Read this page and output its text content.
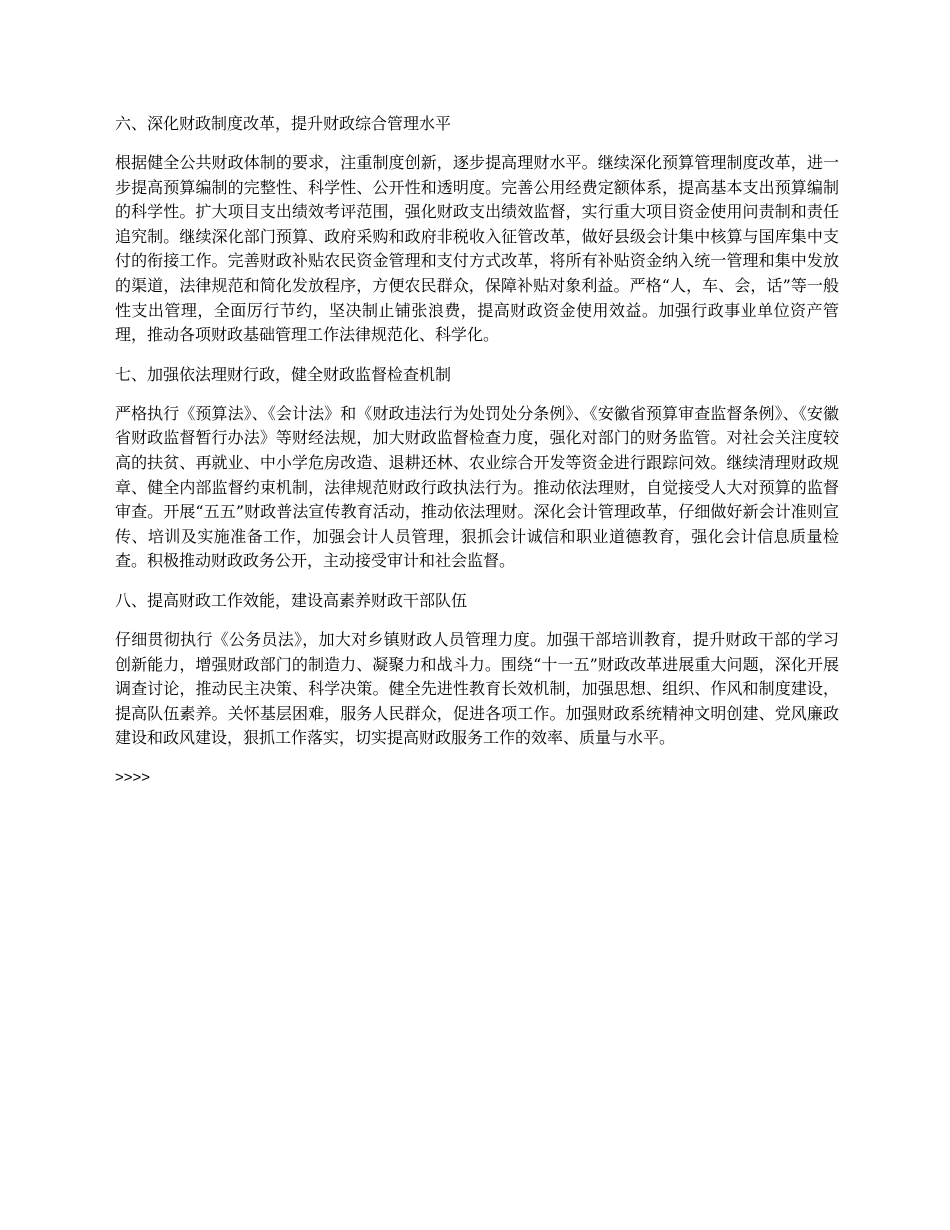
六、深化财政制度改革，提升财政综合管理水平

根据健全公共财政体制的要求，注重制度创新，逐步提高理财水平。继续深化预算管理制度改革，进一步提高预算编制的完整性、科学性、公开性和透明度。完善公用经费定额体系，提高基本支出预算编制的科学性。扩大项目支出绩效考评范围，强化财政支出绩效监督，实行重大项目资金使用问责制和责任追究制。继续深化部门预算、政府采购和政府非税收入征管改革，做好县级会计集中核算与国库集中支付的衔接工作。完善财政补贴农民资金管理和支付方式改革，将所有补贴资金纳入统一管理和集中发放的渠道，法律规范和简化发放程序，方便农民群众，保障补贴对象利益。严格“人，车、会，话”等一般性支出管理，全面厉行节约，坚决制止铺张浪费，提高财政资金使用效益。加强行政事业单位资产管理，推动各项财政基础管理工作法律规范化、科学化。

七、加强依法理财行政，健全财政监督检查机制

严格执行《预算法》、《会计法》和《财政违法行为处罚处分条例》、《安徽省预算审查监督条例》、《安徽省财政监督暂行办法》等财经法规，加大财政监督检查力度，强化对部门的财务监管。对社会关注度较高的扶贫、再就业、中小学危房改造、退耕还林、农业综合开发等资金进行跟踪问效。继续清理财政规章、健全内部监督约束机制，法律规范财政行政执法行为。推动依法理财，自觉接受人大对预算的监督审查。开展“五五”财政普法宣传教育活动，推动依法理财。深化会计管理政革，仔细做好新会计准则宣传、培训及实施准备工作，加强会计人员管理，狠抓会计诚信和职业道德教育，强化会计信息质量检查。积极推动财政政务公开，主动接受审计和社会监督。

八、提高财政工作效能，建设高素养财政干部队伍

仔细贯彻执行《公务员法》，加大对乡镇财政人员管理力度。加强干部培训教育，提升财政干部的学习创新能力，增强财政部门的制造力、凝聚力和战斗力。围绕“十一五”财政改革进展重大问题，深化开展调查讨论，推动民主决策、科学决策。健全先进性教育长效机制，加强思想、组织、作风和制度建设，提高队伍素养。关怀基层困难，服务人民群众，促进各项工作。加强财政系统精神文明创建、党风廉政建设和政风建设，狠抓工作落实，切实提高财政服务工作的效率、质量与水平。

>>>>
